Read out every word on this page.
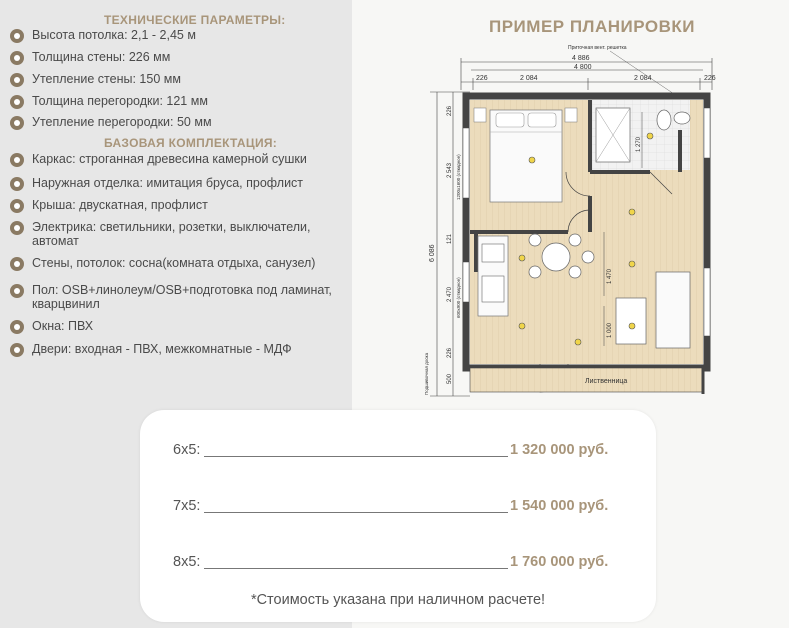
ТЕХНИЧЕСКИЕ ПАРАМЕТРЫ:
Высота потолка: 2,1 - 2,45 м
Толщина стены: 226 мм
Утепление стены: 150 мм
Толщина перегородки: 121 мм
Утепление перегородки: 50 мм
БАЗОВАЯ КОМПЛЕКТАЦИЯ:
Каркас: строганная древесина камерной сушки
Наружная отделка: имитация бруса, профлист
Крыша: двускатная, профлист
Электрика: светильники, розетки, выключатели,
автомат
Стены, потолок: сосна(комната отдыха, санузел)
Пол: OSB+линолеум/OSB+подготовка под ламинат,
кварцвинил
Окна: ПВХ
Двери: входная - ПВХ, межкомнатные - МДФ
ПРИМЕР ПЛАНИРОВКИ
4 886
4 800
226	2 084	2 084	226
Приточная вент. решетка
6 086
226
2 543
121
2 470
226
500
1200х1600 (откидное)
600х900 (откидное)
Подшивочная доска
1 270
1 470
1 000
Лиственница
6х5:	1 320 000 руб.
7х5:	1 540 000 руб.
8х5:	1 760 000 руб.
*Стоимость указана при наличном расчете!
